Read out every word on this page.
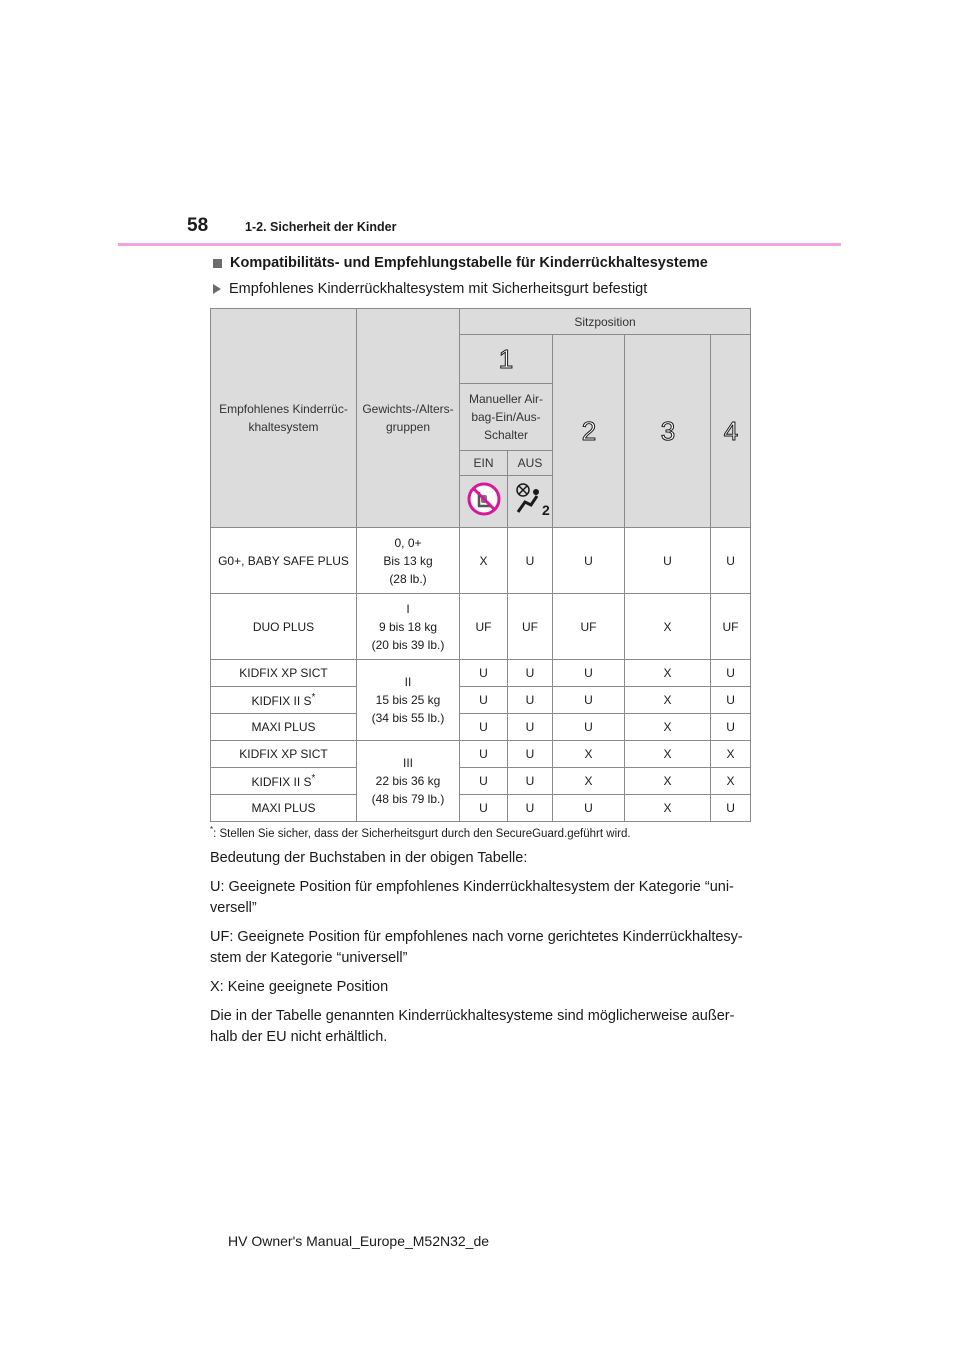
58	1-2. Sicherheit der Kinder
Kompatibilitäts- und Empfehlungstabelle für Kinderrückhaltesysteme
Empfohlenes Kinderrückhaltesystem mit Sicherheitsgurt befestigt
Empfohlenes Kinderrüc-khaltesystem	Gewichts-/Alters-gruppen	Sitzposition				

1		2	3	4

		Manueller Air-bag-Ein/Aus-Schalter				
		EIN	AUS			

2			

G0+, BABY SAFE PLUS	0, 0+
Bis 13 kg
(28 lb.)	X	U	U	U	U
DUO PLUS	I
9 bis 18 kg
(20 bis 39 lb.)	UF	UF	UF	X	UF
KIDFIX XP SICT	II
15 bis 25 kg
(34 bis 55 lb.)	U	U	U	X	U
KIDFIX II S*		U	U	U	X	U
MAXI PLUS		U	U	U	X	U
KIDFIX XP SICT	III
22 bis 36 kg
(48 bis 79 lb.)	U	U	X	X	X
KIDFIX II S*		U	U	X	X	X
MAXI PLUS		U	U	U	X	U
*: Stellen Sie sicher, dass der Sicherheitsgurt durch den SecureGuard.geführt wird.

Bedeutung der Buchstaben in der obigen Tabelle:

U: Geeignete Position für empfohlenes Kinderrückhaltesystem der Kategorie “uni-versell”

UF: Geeignete Position für empfohlenes nach vorne gerichtetes Kinderrückhaltesy-stem der Kategorie “universell”

X: Keine geeignete Position

Die in der Tabelle genannten Kinderrückhaltesysteme sind möglicherweise außer-halb der EU nicht erhältlich.

HV Owner's Manual_Europe_M52N32_de
